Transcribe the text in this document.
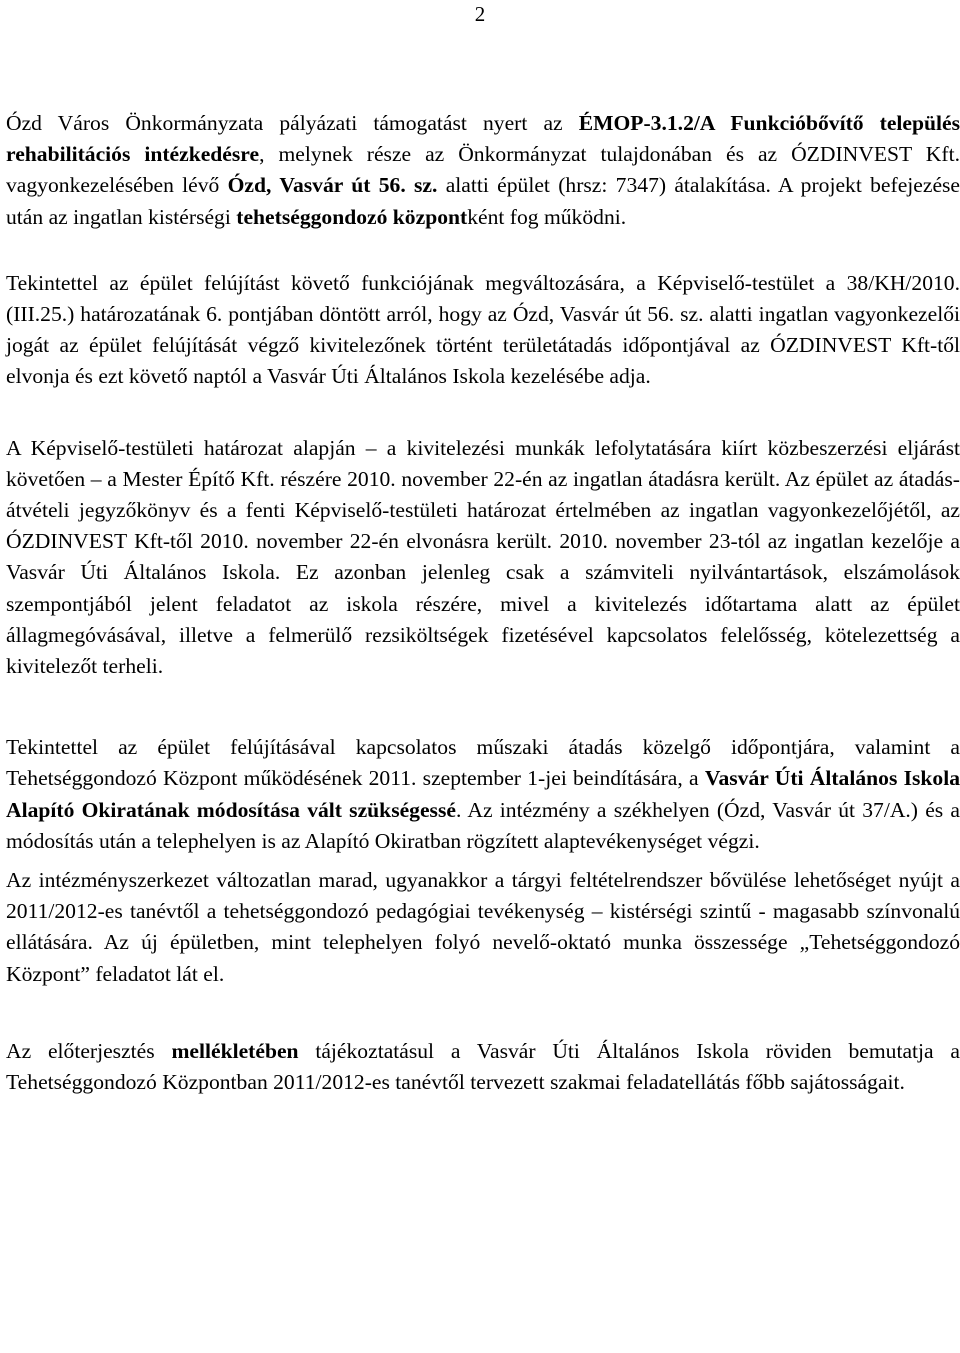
2

Ózd Város Önkormányzata pályázati támogatást nyert az ÉMOP-3.1.2/A Funkcióbővítő település rehabilitációs intézkedésre, melynek része az Önkormányzat tulajdonában és az ÓZDINVEST Kft. vagyonkezelésében lévő Ózd, Vasvár út 56. sz. alatti épület (hrsz: 7347) átalakítása. A projekt befejezése után az ingatlan kistérségi tehetséggondozó központként fog működni.

Tekintettel az épület felújítást követő funkciójának megváltozására, a Képviselő-testület a 38/KH/2010. (III.25.) határozatának 6. pontjában döntött arról, hogy az Ózd, Vasvár út 56. sz. alatti ingatlan vagyonkezelői jogát az épület felújítását végző kivitelezőnek történt területátadás időpontjával az ÓZDINVEST Kft-től elvonja és ezt követő naptól a Vasvár Úti Általános Iskola kezelésébe adja.

A Képviselő-testületi határozat alapján – a kivitelezési munkák lefolytatására kiírt közbeszerzési eljárást követően – a Mester Építő Kft. részére 2010. november 22-én az ingatlan átadásra került. Az épület az átadás-átvételi jegyzőkönyv és a fenti Képviselő-testületi határozat értelmében az ingatlan vagyonkezelőjétől, az ÓZDINVEST Kft-től 2010. november 22-én elvonásra került. 2010. november 23-tól az ingatlan kezelője a Vasvár Úti Általános Iskola. Ez azonban jelenleg csak a számviteli nyilvántartások, elszámolások szempontjából jelent feladatot az iskola részére, mivel a kivitelezés időtartama alatt az épület állagmegóvásával, illetve a felmerülő rezsiköltségek fizetésével kapcsolatos felelősség, kötelezettség a kivitelezőt terheli.

Tekintettel az épület felújításával kapcsolatos műszaki átadás közelgő időpontjára, valamint a Tehetséggondozó Központ működésének 2011. szeptember 1-jei beindítására, a Vasvár Úti Általános Iskola Alapító Okiratának módosítása vált szükségessé. Az intézmény a székhelyen (Ózd, Vasvár út 37/A.) és a módosítás után a telephelyen is az Alapító Okiratban rögzített alaptevékenységet végzi.

Az intézményszerkezet változatlan marad, ugyanakkor a tárgyi feltételrendszer bővülése lehetőséget nyújt a 2011/2012-es tanévtől a tehetséggondozó pedagógiai tevékenység – kistérségi szintű - magasabb színvonalú ellátására. Az új épületben, mint telephelyen folyó nevelő-oktató munka összessége „Tehetséggondozó Központ” feladatot lát el.

Az előterjesztés mellékletében tájékoztatásul a Vasvár Úti Általános Iskola röviden bemutatja a Tehetséggondozó Központban 2011/2012-es tanévtől tervezett szakmai feladatellátás főbb sajátosságait.
